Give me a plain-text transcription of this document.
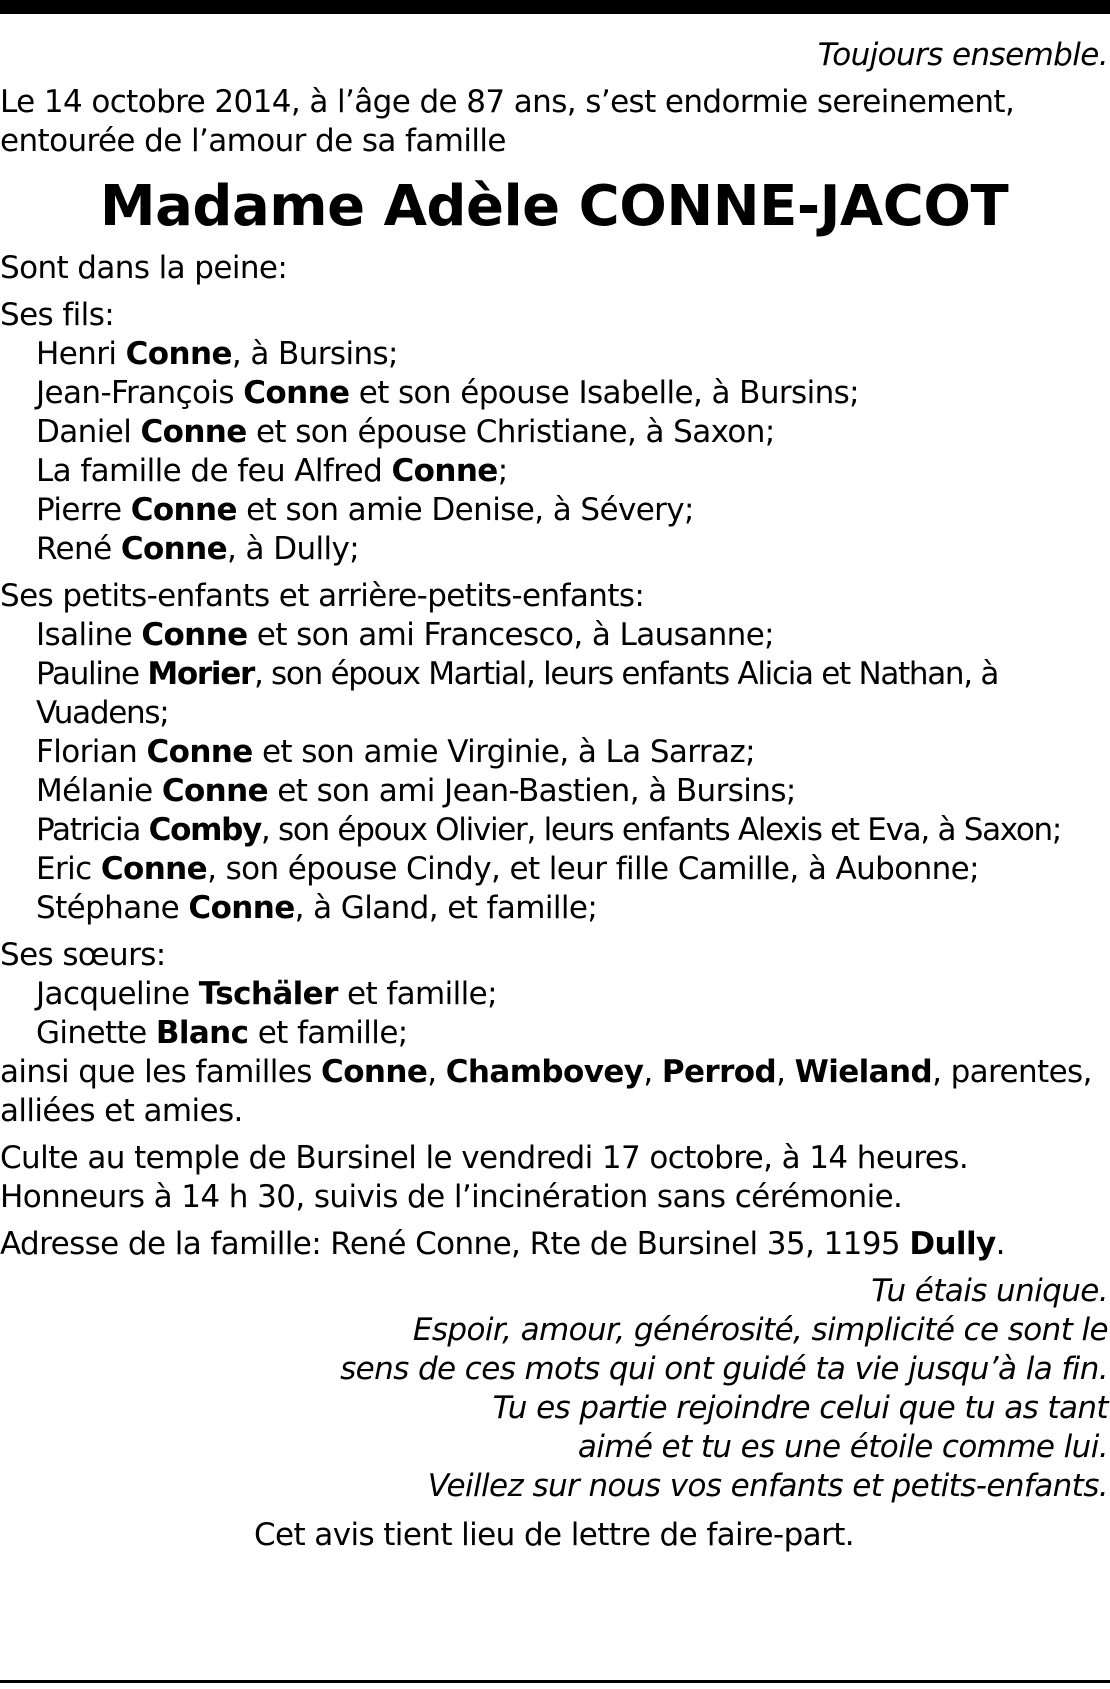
Toujours ensemble.

Le 14 octobre 2014, à l’âge de 87 ans, s’est endormie sereinement, entourée de l’amour de sa famille

Madame Adèle CONNE-JACOT

Sont dans la peine:

Ses fils:

Henri Conne, à Bursins;
Jean-François Conne et son épouse Isabelle, à Bursins;
Daniel Conne et son épouse Christiane, à Saxon;
La famille de feu Alfred Conne;
Pierre Conne et son amie Denise, à Sévery;
René Conne, à Dully;

Ses petits-enfants et arrière-petits-enfants:

Isaline Conne et son ami Francesco, à Lausanne;
Pauline Morier, son époux Martial, leurs enfants Alicia et Nathan, à Vuadens;
Florian Conne et son amie Virginie, à La Sarraz;
Mélanie Conne et son ami Jean-Bastien, à Bursins;
Patricia Comby, son époux Olivier, leurs enfants Alexis et Eva, à Saxon;
Eric Conne, son épouse Cindy, et leur fille Camille, à Aubonne;
Stéphane Conne, à Gland, et famille;

Ses sœurs:

Jacqueline Tschäler et famille;
Ginette Blanc et famille;

ainsi que les familles Conne, Chambovey, Perrod, Wieland, parentes, alliées et amies.

Culte au temple de Bursinel le vendredi 17 octobre, à 14 heures.
Honneurs à 14 h 30, suivis de l’incinération sans cérémonie.

Adresse de la famille: René Conne, Rte de Bursinel 35, 1195 Dully.

Tu étais unique.
Espoir, amour, générosité, simplicité ce sont le
sens de ces mots qui ont guidé ta vie jusqu’à la fin.
Tu es partie rejoindre celui que tu as tant
aimé et tu es une étoile comme lui.
Veillez sur nous vos enfants et petits-enfants.

Cet avis tient lieu de lettre de faire-part.
